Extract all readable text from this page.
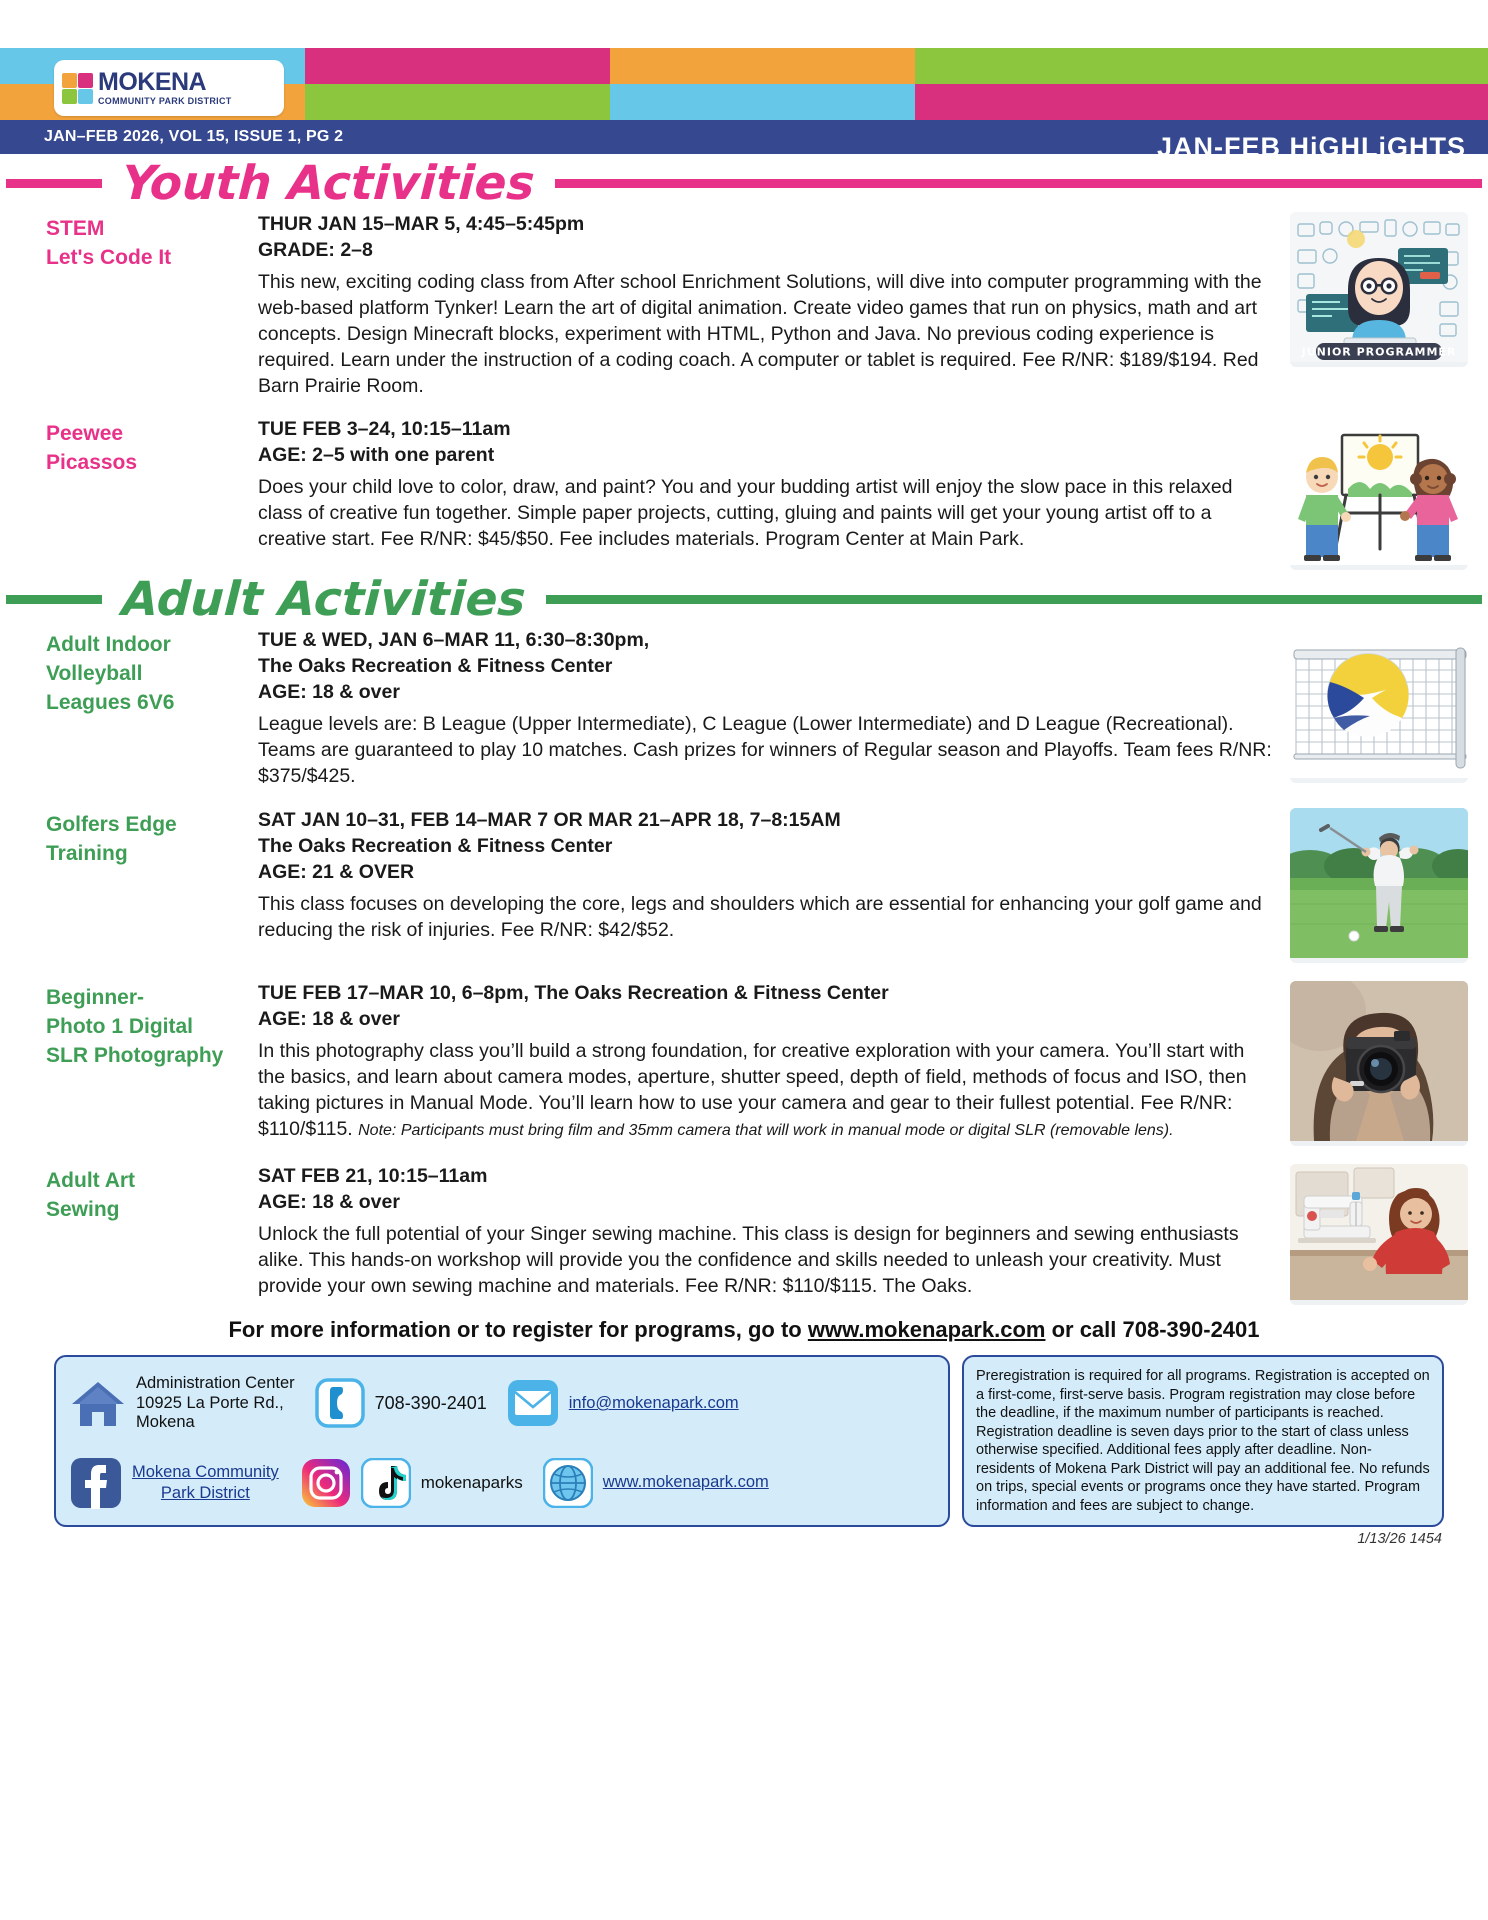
MOKENA
COMMUNITY PARK DISTRICT
JAN-FEB HiGHLiGHTS
JAN–FEB 2026, VOL 15, ISSUE 1, PG 2
Youth Activities
STEM
Let's Code It
THUR JAN 15–MAR 5, 4:45–5:45pm
GRADE: 2–8
This new, exciting coding class from After school Enrichment Solutions, will dive into computer programming with the web-based platform Tynker! Learn the art of digital animation. Create video games that run on physics, math and art concepts. Design Minecraft blocks, experiment with HTML, Python and Java. No previous coding experience is required. Learn under the instruction of a coding coach. A computer or tablet is required. Fee R/NR: $189/$194. Red Barn Prairie Room.
JUNIOR PROGRAMMER
Peewee
Picassos
TUE FEB 3–24, 10:15–11am
AGE: 2–5 with one parent
Does your child love to color, draw, and paint? You and your budding artist will enjoy the slow pace in this relaxed class of creative fun together. Simple paper projects, cutting, gluing and paints will get your young artist off to a creative start. Fee R/NR: $45/$50. Fee includes materials. Program Center at Main Park.
Adult Activities
Adult Indoor
Volleyball
Leagues 6V6
TUE & WED, JAN 6–MAR 11, 6:30–8:30pm,
The Oaks Recreation & Fitness Center
AGE: 18 & over
League levels are: B League (Upper Intermediate), C League (Lower Intermediate) and D League (Recreational). Teams are guaranteed to play 10 matches. Cash prizes for winners of Regular season and Playoffs. Team fees R/NR: $375/$425.
Golfers Edge
Training
SAT JAN 10–31, FEB 14–MAR 7 OR MAR 21–APR 18, 7–8:15AM
The Oaks Recreation & Fitness Center
AGE: 21 & OVER
This class focuses on developing the core, legs and shoulders which are essential for enhancing your golf game and reducing the risk of injuries. Fee R/NR: $42/$52.
Beginner-
Photo 1 Digital
SLR Photography
TUE FEB 17–MAR 10, 6–8pm, The Oaks Recreation & Fitness Center
AGE: 18 & over
In this photography class you’ll build a strong foundation, for creative exploration with your camera. You’ll start with the basics, and learn about camera modes, aperture, shutter speed, depth of field, methods of focus and ISO, then taking pictures in Manual Mode. You’ll learn how to use your camera and gear to their fullest potential. Fee R/NR: $110/$115. Note: Participants must bring film and 35mm camera that will work in manual mode or digital SLR (removable lens).
Adult Art
Sewing
SAT FEB 21, 10:15–11am
AGE: 18 & over
Unlock the full potential of your Singer sewing machine. This class is design for beginners and sewing enthusiasts alike. This hands-on workshop will provide you the confidence and skills needed to unleash your creativity. Must provide your own sewing machine and materials. Fee R/NR: $110/$115. The Oaks.
For more information or to register for programs, go to www.mokenapark.com or call 708-390-2401
Administration Center
10925 La Porte Rd.,
Mokena
708-390-2401	info@mokenapark.com
Mokena Community
Park District
mokenaparks	www.mokenapark.com
Preregistration is required for all programs. Registration is accepted on a first-come, first-serve basis. Program registration may close before the deadline, if the maximum number of participants is reached. Registration deadline is seven days prior to the start of class unless otherwise specified. Additional fees apply after deadline. Non-residents of Mokena Park District will pay an additional fee. No refunds on trips, special events or programs once they have started. Program information and fees are subject to change.
1/13/26 1454
